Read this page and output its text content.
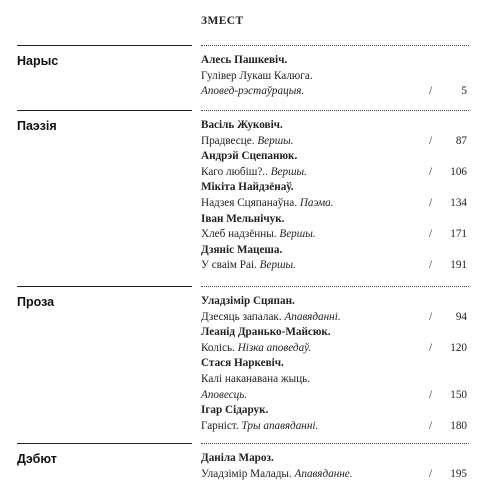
ЗМЕСТ
Нарыс	Алесь Пашкевіч.
Гулівер Лукаш Калюга.
Аповед-рэстаўрацыя.	/	5
Паэзія	Васіль Жуковіч.
Прадвесце. Вершы.	/ 87
Андрэй Сцепанюк.
Каго любіш?.. Вершы.	/ 106
Мікіта Найдзёнаў.
Надзея Сцяпанаўна. Паэма.	/ 134
Іван Мельнічук.
Хлеб надзённы. Вершы.	/ 171
Дзяніс Мацеша.
У сваім Раі. Вершы.	/ 191
Проза	Уладзімір Сцяпан.
Дзесяць запалак. Апавяданні.	/ 94
Леанід Дранько-Майсюк.
Колісь. Нізка аповедаў.	/ 120
Стася Наркевіч.
Калі наканавана жыць.
Аповесць.	/ 150
Ігар Сідарук.
Гарніст. Тры апавяданні.	/ 180
Дэбют	Даніла Мароз.
Уладзімір Малады. Апавяданне.	/ 195
